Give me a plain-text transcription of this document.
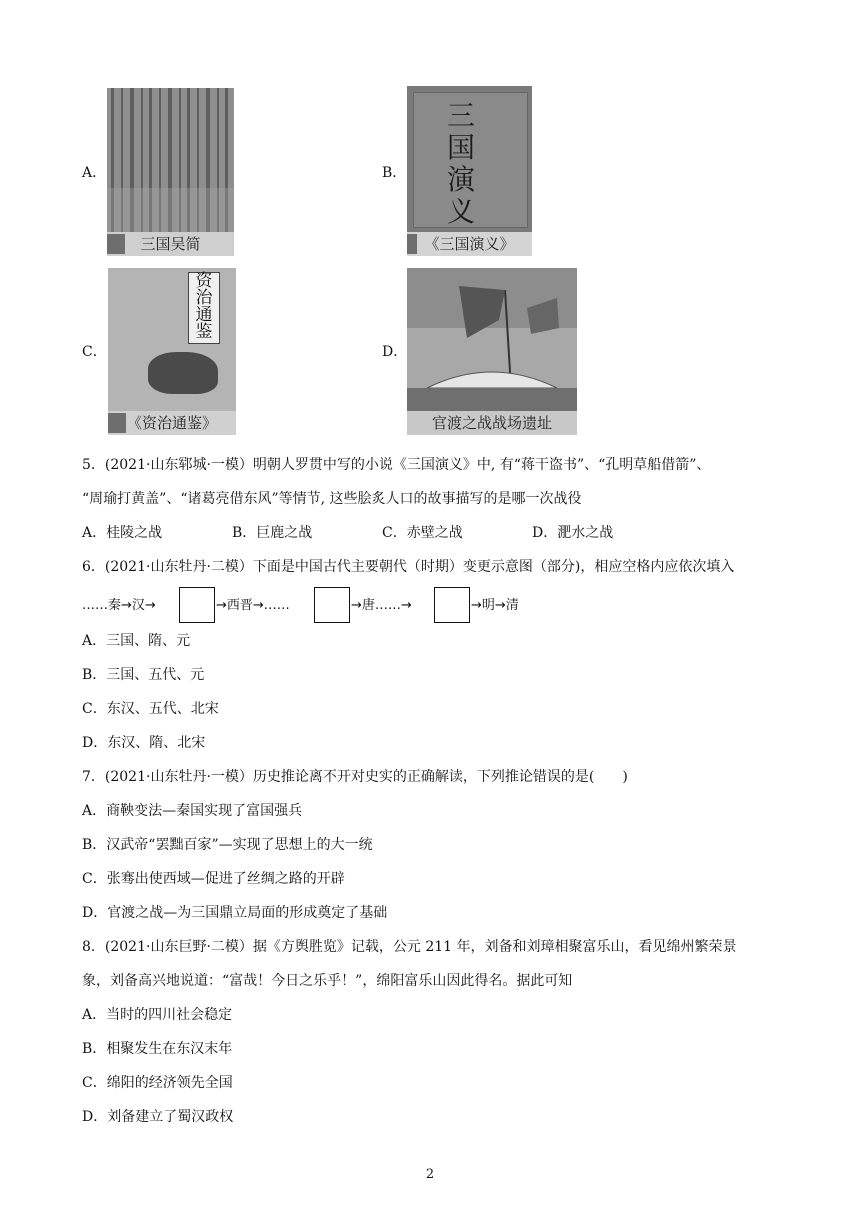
A．
三国吴简
B．
三国演义
《三国演义》
C．
资治通鉴
《资治通鉴》
D．
官渡之战战场遗址
5．(2021·山东郓城·一模）明朝人罗贯中写的小说《三国演义》中, 有“蒋干盗书”、“孔明草船借箭”、
“周瑜打黄盖”、“诸葛亮借东风”等情节, 这些脍炙人口的故事描写的是哪一次战役
A．桂陵之战	B．巨鹿之战	C．赤壁之战	D．淝水之战
6．(2021·山东牡丹·二模）下面是中国古代主要朝代（时期）变更示意图（部分)，相应空格内应依次填入
……秦→汉→	→西晋→……	→唐……→	→明→清
A．三国、隋、元
B．三国、五代、元
C．东汉、五代、北宋
D．东汉、隋、北宋
7．(2021·山东牡丹·一模）历史推论离不开对史实的正确解读，下列推论错误的是(　　)
A．商鞅变法—秦国实现了富国强兵
B．汉武帝“罢黜百家”—实现了思想上的大一统
C．张骞出使西域—促进了丝绸之路的开辟
D．官渡之战—为三国鼎立局面的形成奠定了基础
8．(2021·山东巨野·二模）据《方舆胜览》记载，公元 211 年，刘备和刘璋相聚富乐山，看见绵州繁荣景
象，刘备高兴地说道：“富哉！今日之乐乎！”，绵阳富乐山因此得名。据此可知
A．当时的四川社会稳定
B．相聚发生在东汉末年
C．绵阳的经济领先全国
D．刘备建立了蜀汉政权
2
